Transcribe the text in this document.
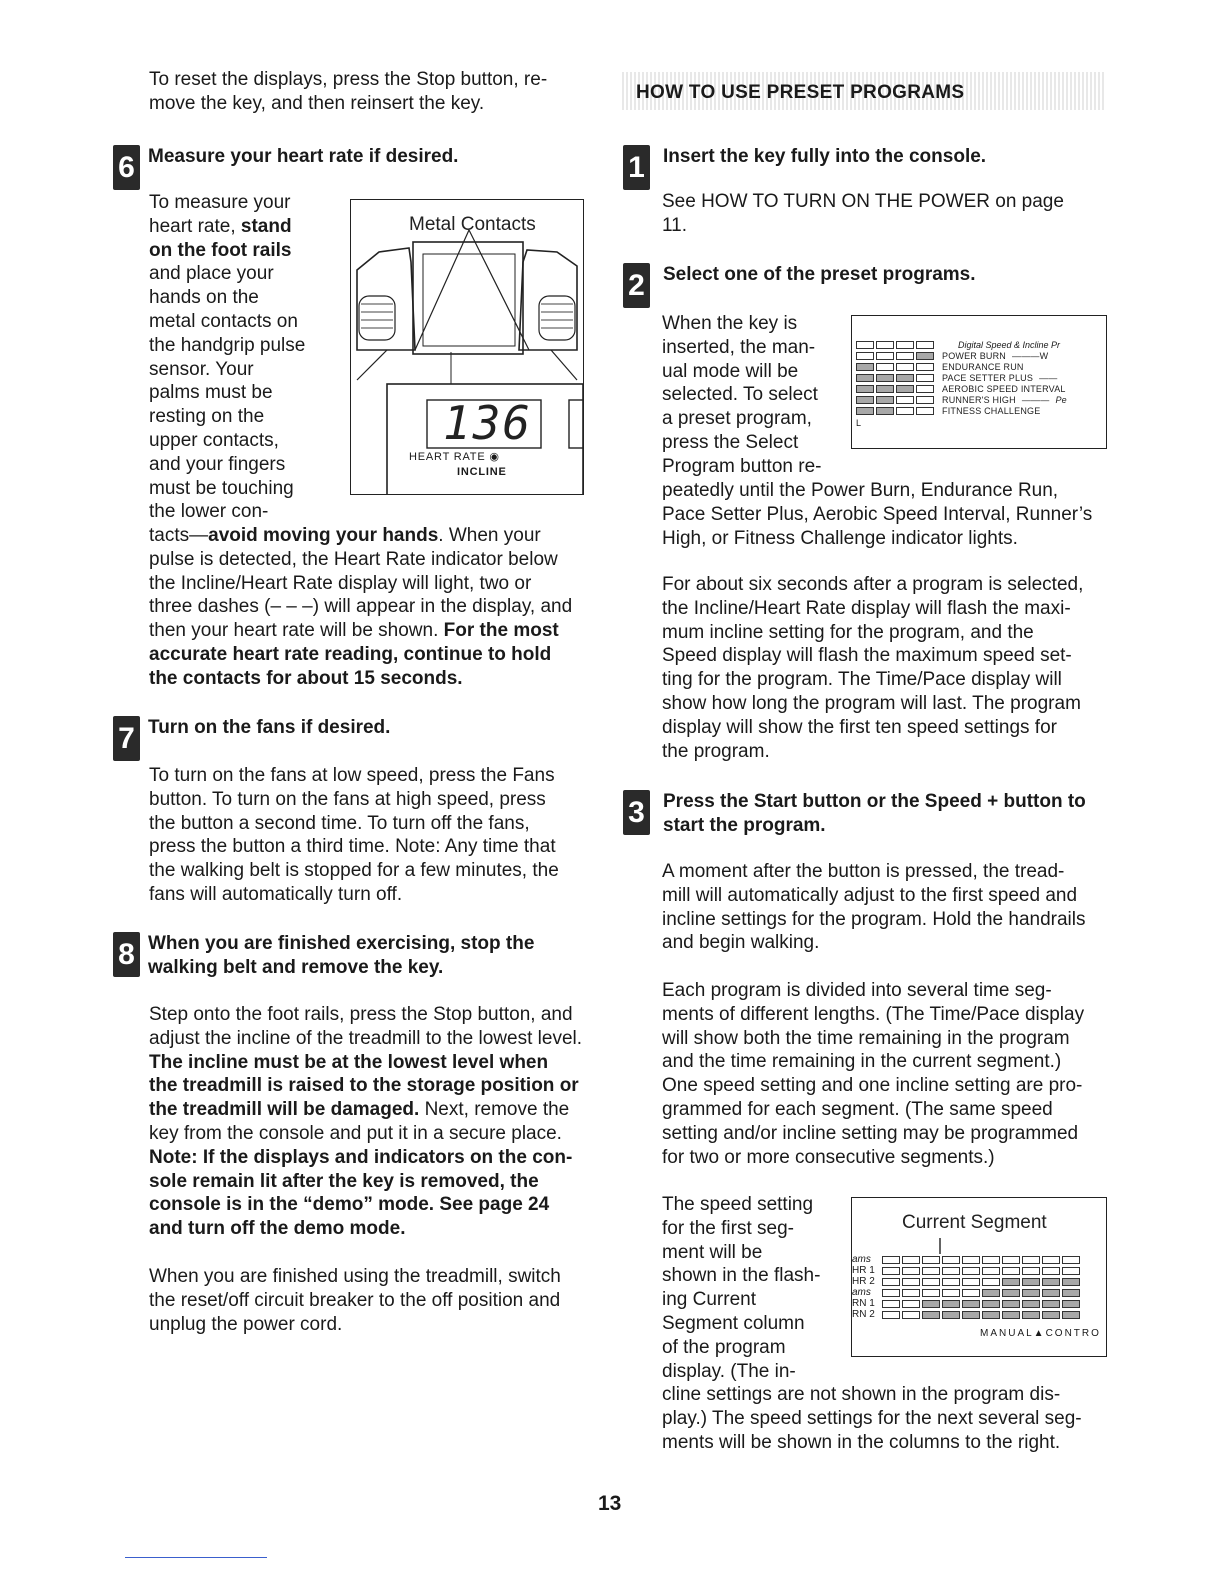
To reset the displays, press the Stop button, re-

move the key, and then reinsert the key.

6 Measure your heart rate if desired.

To measure your

heart rate, stand

on the foot rails

and place your

hands on the

metal contacts on

the handgrip pulse

sensor. Your

palms must be

resting on the

upper contacts,

and your fingers

must be touching

the lower con-

Metal Contacts
136
HEART RATE ◉
INCLINE

tacts—avoid moving your hands. When your

pulse is detected, the Heart Rate indicator below

the Incline/Heart Rate display will light, two or

three dashes (– – –) will appear in the display, and

then your heart rate will be shown. For the most

accurate heart rate reading, continue to hold

the contacts for about 15 seconds.

7 Turn on the fans if desired.

To turn on the fans at low speed, press the Fans

button. To turn on the fans at high speed, press

the button a second time. To turn off the fans,

press the button a third time. Note: Any time that

the walking belt is stopped for a few minutes, the

fans will automatically turn off.

8 When you are finished exercising, stop the
walking belt and remove the key.

Step onto the foot rails, press the Stop button, and

adjust the incline of the treadmill to the lowest level.

The incline must be at the lowest level when

the treadmill is raised to the storage position or

the treadmill will be damaged. Next, remove the

key from the console and put it in a secure place.

Note: If the displays and indicators on the con-

sole remain lit after the key is removed, the

console is in the “demo” mode. See page 24

and turn off the demo mode.

When you are finished using the treadmill, switch

the reset/off circuit breaker to the off position and

unplug the power cord.

HOW TO USE PRESET PROGRAMS
1 Insert the key fully into the console.

See HOW TO TURN ON THE POWER on page

11.

2 Select one of the preset programs.

When the key is

inserted, the man-

ual mode will be

selected. To select

a preset program,

press the Select

Program button re-

Digital Speed & Incline Pr
POWER BURN ——— W
ENDURANCE RUN
PACE SETTER PLUS ——
AEROBIC SPEED INTERVAL
RUNNER'S HIGH ——— Pe
FITNESS CHALLENGE
L

peatedly until the Power Burn, Endurance Run,

Pace Setter Plus, Aerobic Speed Interval, Runner’s

High, or Fitness Challenge indicator lights.

For about six seconds after a program is selected,

the Incline/Heart Rate display will flash the maxi-

mum incline setting for the program, and the

Speed display will flash the maximum speed set-

ting for the program. The Time/Pace display will

show how long the program will last. The program

display will show the first ten speed settings for

the program.

3 Press the Start button or the Speed + button to
start the program.

A moment after the button is pressed, the tread-

mill will automatically adjust to the first speed and

incline settings for the program. Hold the handrails

and begin walking.

Each program is divided into several time seg-

ments of different lengths. (The Time/Pace display

will show both the time remaining in the program

and the time remaining in the current segment.)

One speed setting and one incline setting are pro-

grammed for each segment. (The same speed

setting and/or incline setting may be programmed

for two or more consecutive segments.)

The speed setting

for the first seg-

ment will be

shown in the flash-

ing Current

Segment column

of the program

display. (The in-

Current Segment
ams
HR 1
HR 2
ams
RN 1
RN 2
MANUAL▲CONTRO

cline settings are not shown in the program dis-

play.) The speed settings for the next several seg-

ments will be shown in the columns to the right.

13
